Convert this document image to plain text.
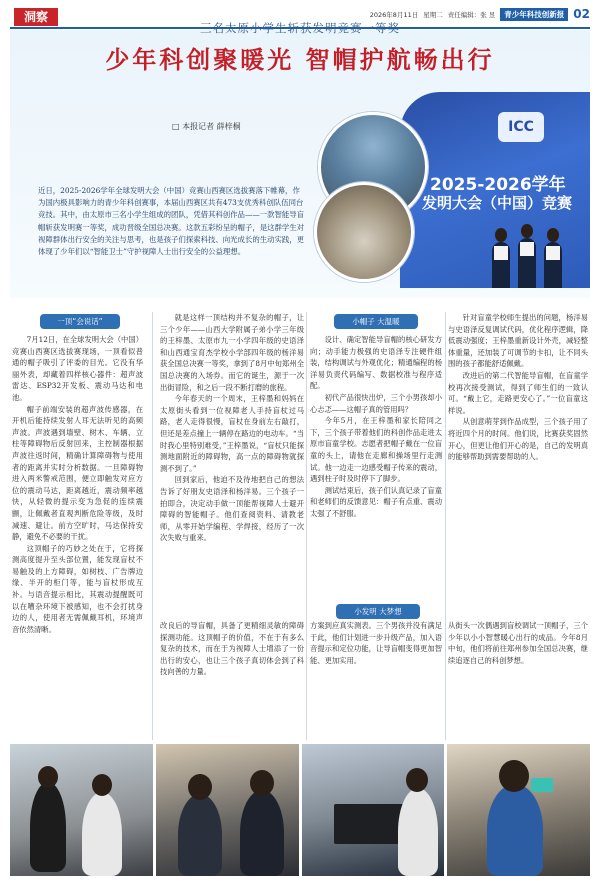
洞察	2026年8月11日 星期二 责任编辑：张 昱	青少年科技创新报 02
三名太原小学生斩获发明竞赛一等奖
少年科创聚暖光 智帽护航畅出行
□ 本报记者 薛梓桐
近日，2025-2026学年全球发明大会（中国）竞赛山西赛区选拔赛落下帷幕，作为国内极具影响力的青少年科创赛事，本届山西赛区共有473支优秀科创队伍同台竞技。其中，由太原市三名小学生组成的团队，凭借其科创作品——一款智能导盲帽斩获发明赛一等奖，成功晋级全国总决赛。这款五彩纷呈的帽子，是这群学生对视障群体出行安全的关注与思考，也是孩子们探索科技、向光成长的生动实践，更体现了少年们以“智能卫士”守护视障人士出行安全的公益理想。
ICC
2025-2026学年
发明大会（中国）竞赛
一顶“会说话”	小帽子 大温暖
小发明 大梦想

7月12日，在全球发明大会（中国）竞赛山西赛区选拔赛现场，一顶看似普通的帽子吸引了评委的目光。它没有华丽外表，却藏着四样核心器件：超声波雷达、ESP32开发板、震动马达和电池。

帽子前端安装的超声波传感器，在开机后能持续发射人耳无法听见的高频声波。声波遇到墙壁、树木、车辆、立柱等障碍物后反射回来，主控制器根据声波往返时间，精确计算障碍物与使用者的距离并实时分析数据。一旦障碍物进入两米警戒范围，便立即触发对应方位的震动马达，距离越近，震动频率越快，从轻微的提示变为急促的连续震颤，让佩戴者直观判断危险等级，及时减速、避让。前方空旷时，马达保持安静，避免不必要的干扰。

这顶帽子的巧妙之处在于，它将探测高度提升至头部位置，能发现盲杖不易触及的上方障碍，如树枝、广告牌边缘、半开的柜门等，能与盲杖形成互补。与语音提示相比，其震动提醒既可以在嘈杂环境下被感知，也不会打扰身边的人，使用者无需佩戴耳机，环境声音依然清晰。

就是这样一顶结构并不复杂的帽子，让三个少年——山西大学附属子弟小学三年级的王梓墨、太原市九一小学四年级的史语泽和山西通宝育杰学校小学部四年级的杨洋易获全国总决赛一等奖，拿到了8月中旬郑州全国总决赛的入场券。而它的诞生，源于一次出街冒险，和之后一段不断打磨的旅程。

今年春天的一个周末，王梓墨和妈妈在太原街头看到一位视障老人手持盲杖过马路，老人走得很慢，盲杖在身前左右敲打，但还是差点撞上一辆停在路边的电动车。“当时我心里特别难受，”王梓墨说，“盲杖只能探测地面附近的障碍物，高一点的障碍物就探测不到了。”

回到家后，他迫不及待地把自己的想法告诉了好朋友史语泽和杨洋易。三个孩子一拍即合，决定动手做一顶能帮视障人士避开障碍的智能帽子。他们查阅资料、请教老师，从零开始学编程、学焊接，经历了一次次失败与重来。

设计、确定智能导盲帽的核心研发方向；动手能力极强的史语泽专注硬件组装，结构调试与外观优化；精通编程的杨洋易负责代码编写、数据校准与程序适配。

初代产品很快出炉，三个小男孩却小心忐忑——这帽子真的管用吗？

今年5月，在王梓墨和家长陪同之下，三个孩子带着他们的科创作品走进太原市盲童学校。志愿者把帽子戴在一位盲童的头上，请他在走廊和操场里行走测试。他一边走一边感受帽子传来的震动，遇到柱子时及时停下了脚步。

测试结束后，孩子们认真记录了盲童和老师们的反馈意见：帽子有点重、震动太强了不舒服。

针对盲童学校师生提出的问题，杨洋易与史语泽反复调试代码，优化程序逻辑，降低震动强度；王梓墨重新设计外壳，减轻整体重量，还加装了可调节的卡扣，让不同头围的孩子都能舒适佩戴。

改进后的第二代智能导盲帽，在盲童学校再次接受测试，得到了师生们的一致认可。“戴上它，走路更安心了。”一位盲童这样说。

从创意萌芽到作品成型，三个孩子用了将近四个月的时间。他们说，比赛获奖固然开心，但更让他们开心的是，自己的发明真的能够帮助到需要帮助的人。

改良后的导盲帽，具备了更精细灵敏的障碍探测功能。这顶帽子的价值，不在于有多么复杂的技术，而在于为视障人士增添了一份出行的安心，也让三个孩子真切体会到了科技向善的力量。

方案到应真实测表。三个男孩并没有满足于此，他们计划进一步升级产品，加入语音提示和定位功能，让导盲帽变得更加智能、更加实用。

从街头一次偶遇到盲校调试一顶帽子，三个少年以小小智慧暖心出行的成品。今年8月中旬，他们将前往郑州参加全国总决赛，继续追逐自己的科创梦想。
